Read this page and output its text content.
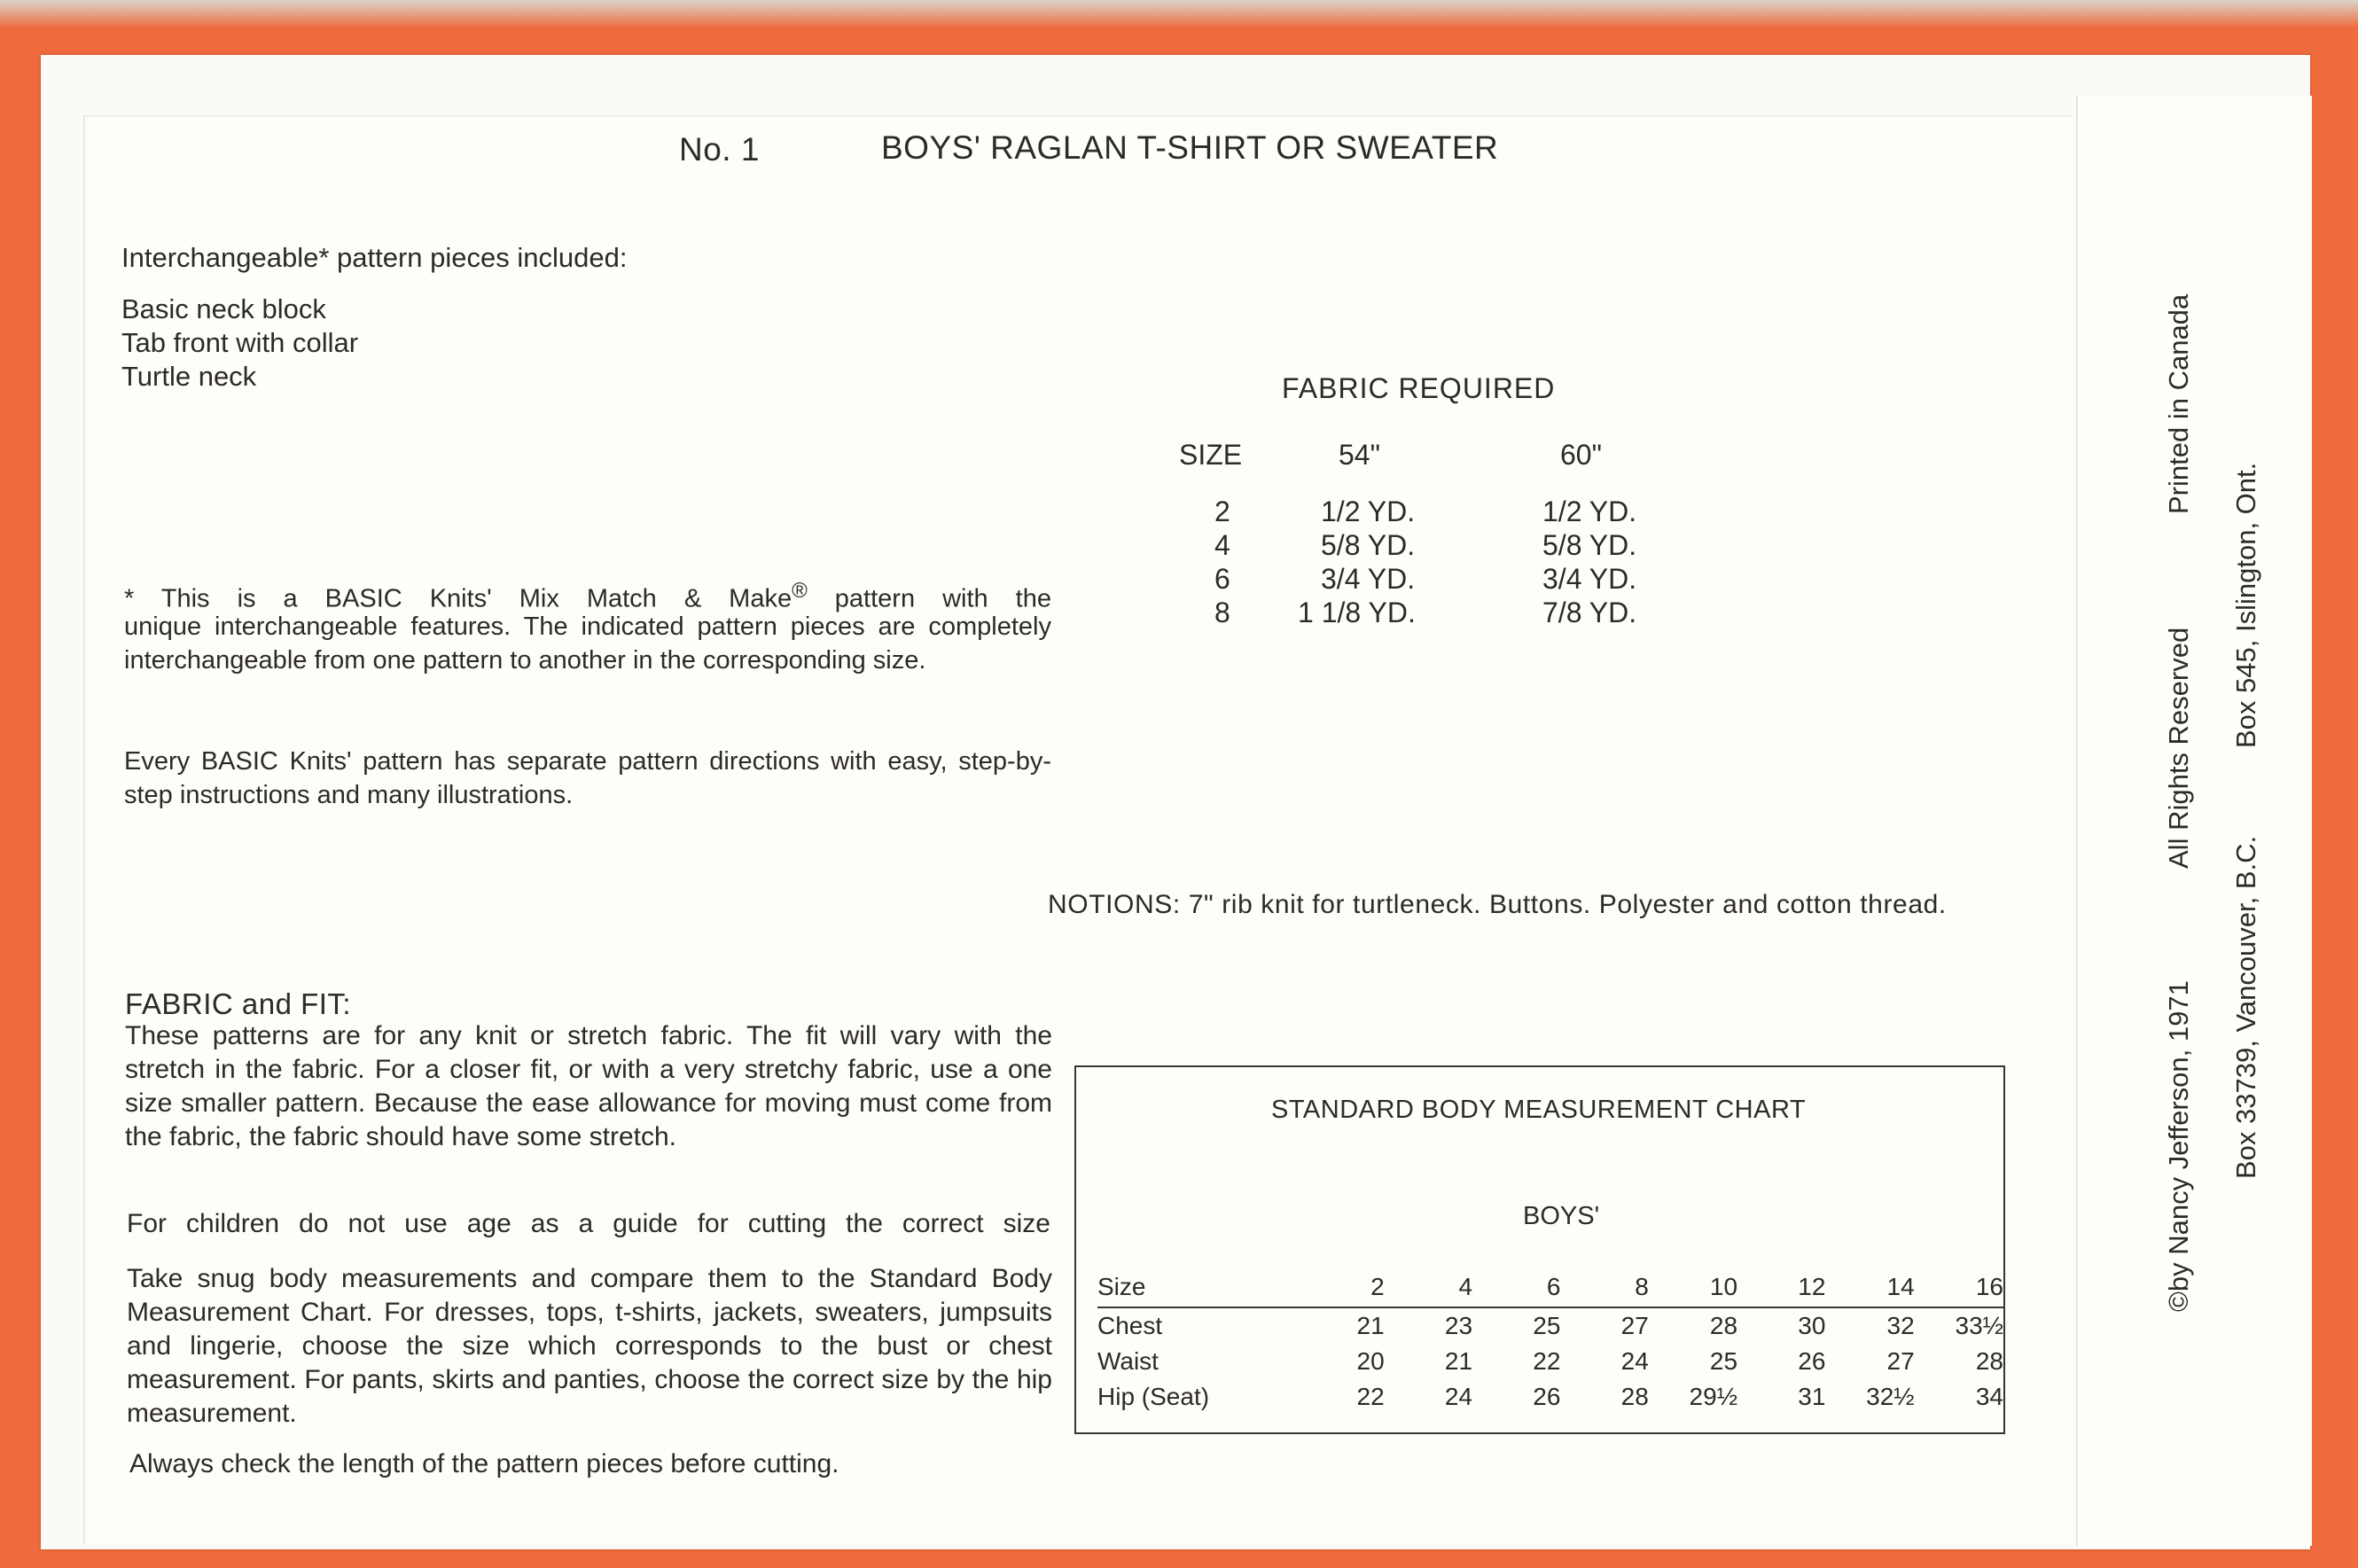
No. 1	BOYS' RAGLAN T-SHIRT OR SWEATER
Interchangeable* pattern pieces included:
Basic neck block
Tab front with collar
Turtle neck
* This is a BASIC Knits' Mix Match & Make® pattern with the
unique interchangeable features. The indicated pattern pieces are completely interchangeable from one pattern to another in the corresponding size.
Every BASIC Knits' pattern has separate pattern directions with easy, step-by-step instructions and many illustrations.
FABRIC REQUIRED
SIZE	54"	60"
2	1/2 YD.	1/2 YD.
4	5/8 YD.	5/8 YD.
6	3/4 YD.	3/4 YD.
8	1 1/8 YD.	7/8 YD.
NOTIONS: 7" rib knit for turtleneck. Buttons. Polyester and cotton thread.
FABRIC and FIT:
These patterns are for any knit or stretch fabric. The fit will vary with the stretch in the fabric. For a closer fit, or with a very stretchy fabric, use a one size smaller pattern. Because the ease allowance for moving must come from the fabric, the fabric should have some stretch.
For children do not use age as a guide for cutting the correct size
Take snug body measurements and compare them to the Standard Body Measurement Chart. For dresses, tops, t-shirts, jackets, sweaters, jumpsuits and lingerie, choose the size which corresponds to the bust or chest measurement. For pants, skirts and panties, choose the correct size by the hip measurement.
Always check the length of the pattern pieces before cutting.
STANDARD BODY MEASUREMENT CHART
BOYS'
Size	2	4	6	8	10	12	14	16
Chest	21	23	25	27	28	30	32	33½
Waist	20	21	22	24	25	26	27	28
Hip (Seat)	22	24	26	28	29½	31	32½	34
©by Nancy Jefferson, 1971
All Rights Reserved
Printed in Canada
Box 33739, Vancouver, B.C.
Box 545, Islington, Ont.
